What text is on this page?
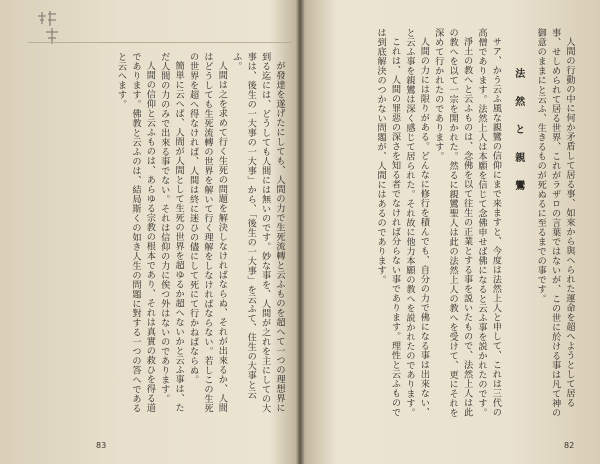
が發達を遂げたにしても、人間の力で生死流轉と云ふものを超へて一つの理想界に到る迄には、どうしても人間には無いのです。妙な事を、人間が之れを主にしての大事は、後生の一大事の一大事」から、「後生の一大事」を云ふて、住生の大事と云ふ。

人間は之を求めて行く生死の問題を解決しなければならぬ、それが出來るか、人間はどうしても生死流轉の世界を解いて行く理解をしなければならない。若しこの生死の世界を超へ得なければ、人間は終に迷ひの儘にして死にて行かねばならぬ。

簡単に云へば、人間が人間として生死の世界を超ゆるか超へないかと云ふ事は、ただ人間の力のみで出來る事でない。それは信仰の力に俟つ外はないのであります。

人間の信仰と云ふものは、あらゆる宗教の根本であり、それは真實の救ひを得る道であります。佛教と云ふのは、結局斯くの如き人生の問題に對する一つの答へであると云へます。

83

人間の行動の中に何か矛盾して居る事、如來から與へられた運命を超へようとして居る事、せしめられて居る世界、これがラザロの言葉ではないが、この世に於ける事は凡て神の御意のままにと云ふ、生きるものが死ぬるに至るまでの事です。

法　然　と　親　鸞

サア、かう云ふ風な親鸞の信仰にまで来ますと、今度は法然上人と申して、これは三代の高僧であります。法然上人は本願を信じて念佛申せば佛になると云ふ事を説かれたのです。

淨土の教へと云ふものは、念佛を以て往生の正業とする事を説いたもので、法然上人は此の教へを以て一宗を開かれた。然るに親鸞聖人は此の法然上人の教へを受けて、更にそれを深めて行かれたのであります。

人間の力には限りがある。どんなに修行を積んでも、自分の力で佛になる事は出來ない、と云ふ事を親鸞は深く感じて居られた。それ故に他力本願の教へを説かれたのであります。

これは、人間の罪惡の深さを知る者でなければ分らない事であります。理性と云ふものでは到底解決のつかない問題が、人間にはあるのであります。

82
